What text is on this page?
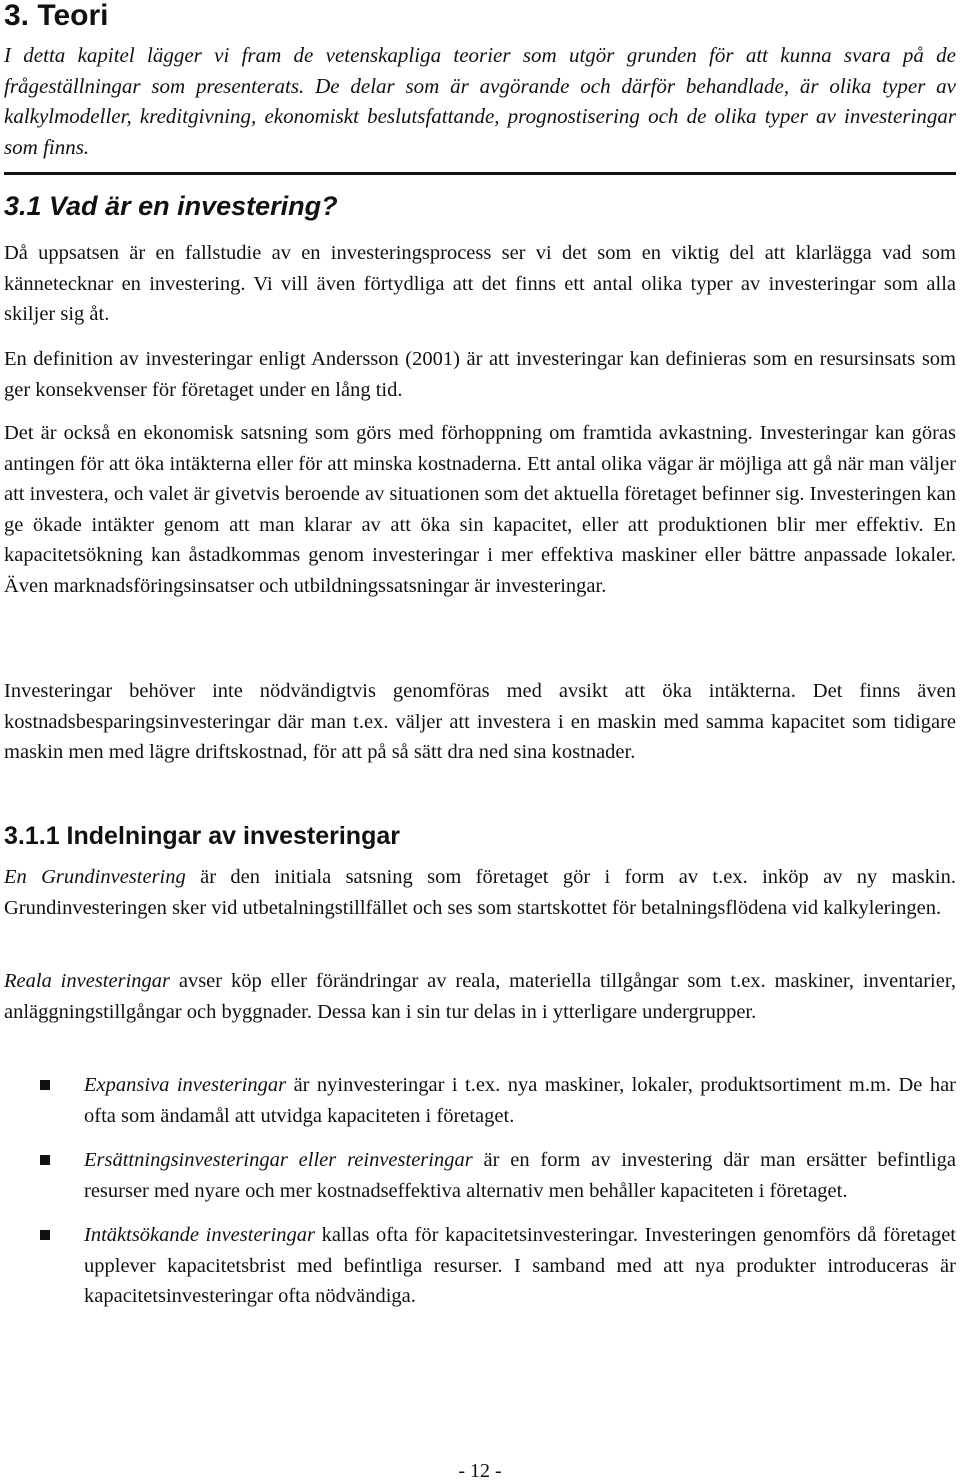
3. Teori

I detta kapitel lägger vi fram de vetenskapliga teorier som utgör grunden för att kunna svara på de frågeställningar som presenterats. De delar som är avgörande och därför behandlade, är olika typer av kalkylmodeller, kreditgivning, ekonomiskt beslutsfattande, prognostisering och de olika typer av investeringar som finns.

3.1 Vad är en investering?

Då uppsatsen är en fallstudie av en investeringsprocess ser vi det som en viktig del att klarlägga vad som kännetecknar en investering. Vi vill även förtydliga att det finns ett antal olika typer av investeringar som alla skiljer sig åt.

En definition av investeringar enligt Andersson (2001) är att investeringar kan definieras som en resursinsats som ger konsekvenser för företaget under en lång tid.

Det är också en ekonomisk satsning som görs med förhoppning om framtida avkastning. Investeringar kan göras antingen för att öka intäkterna eller för att minska kostnaderna. Ett antal olika vägar är möjliga att gå när man väljer att investera, och valet är givetvis beroende av situationen som det aktuella företaget befinner sig. Investeringen kan ge ökade intäkter genom att man klarar av att öka sin kapacitet, eller att produktionen blir mer effektiv. En kapacitetsökning kan åstadkommas genom investeringar i mer effektiva maskiner eller bättre anpassade lokaler. Även marknadsföringsinsatser och utbildningssatsningar är investeringar.

Investeringar behöver inte nödvändigtvis genomföras med avsikt att öka intäkterna. Det finns även kostnadsbesparingsinvesteringar där man t.ex. väljer att investera i en maskin med samma kapacitet som tidigare maskin men med lägre driftskostnad, för att på så sätt dra ned sina kostnader.

3.1.1 Indelningar av investeringar

En Grundinvestering är den initiala satsning som företaget gör i form av t.ex. inköp av ny maskin. Grundinvesteringen sker vid utbetalningstillfället och ses som startskottet för betalningsflödena vid kalkyleringen.

Reala investeringar avser köp eller förändringar av reala, materiella tillgångar som t.ex. maskiner, inventarier, anläggningstillgångar och byggnader. Dessa kan i sin tur delas in i ytterligare undergrupper.

Expansiva investeringar är nyinvesteringar i t.ex. nya maskiner, lokaler, produktsortiment m.m. De har ofta som ändamål att utvidga kapaciteten i företaget.
Ersättningsinvesteringar eller reinvesteringar är en form av investering där man ersätter befintliga resurser med nyare och mer kostnadseffektiva alternativ men behåller kapaciteten i företaget.
Intäktsökande investeringar kallas ofta för kapacitetsinvesteringar. Investeringen genomförs då företaget upplever kapacitetsbrist med befintliga resurser. I samband med att nya produkter introduceras är kapacitetsinvesteringar ofta nödvändiga.
- 12 -
